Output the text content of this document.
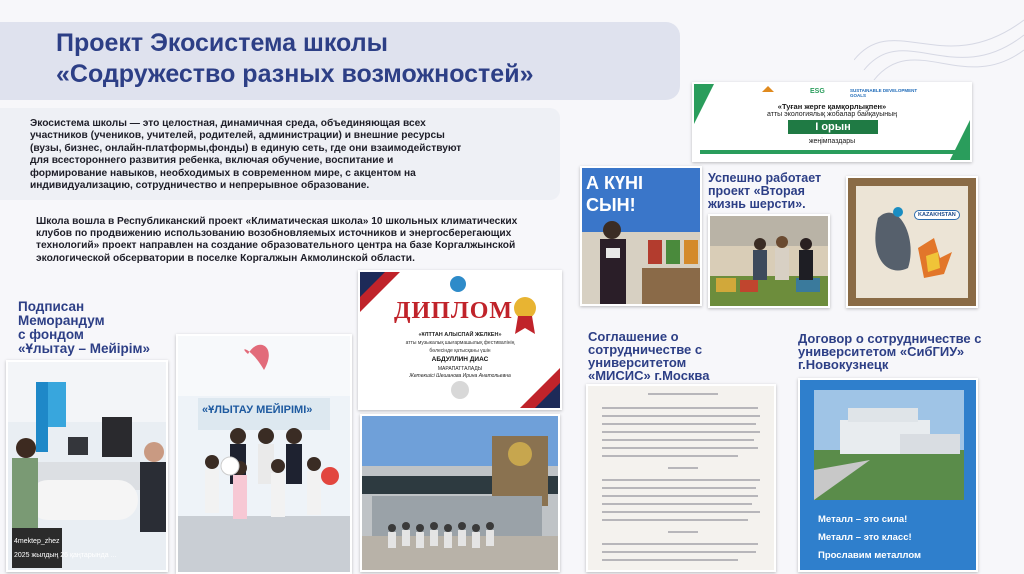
Проект Экосистема школы
«Содружество разных возможностей»
Экосистема школы — это целостная, динамичная среда, объединяющая всех
участников (учеников, учителей, родителей, администрации) и внешние ресурсы
(вузы, бизнес, онлайн-платформы,фонды) в единую сеть, где они взаимодействуют
для всестороннего развития ребенка, включая обучение, воспитание и
формирование навыков, необходимых в современном мире, с акцентом на
индивидуализацию, сотрудничество и непрерывное образование.
Школа вошла в Республиканский проект «Климатическая школа» 10 школьных климатических
клубов по продвижению использованию возобновляемых источников и энергосберегающих
технологий» проект направлен на создание образовательного центра на базе Коргалжынской
экологической обсерватории в поселке Коргалжын Акмолинской области.
Подписан
Меморандум
с фондом
«Ұлытау – Мейірім»
4mektep_zhez
2025 жылдың 26 қаңтарында ...
«ҰЛЫТАУ МЕЙІРІМІ»
ДИПЛОМ
«ҰЛТТАН АЛЫСПАЙ ЖЕЛКЕН»
атты музыкалық шығармашылық фестивалінің
бөлесінде қатысқаны үшін
АБДУЛЛИН ДИАС
МАРАПАТТАЛАДЫ
Жетекшісі Шешанова Ирина Анатольевна
ESG	SUSTAINABLE DEVELOPMENT GOALS
«Туған жерге қамқорлықпен»
атты экологиялық жобалар байқауының
I орын
жеңімпаздары
А КҮНІ СЫН!
Успешно работает
проект «Вторая
жизнь шерсти».
KAZAKHSTAN
Соглашение о
сотрудничестве с
университетом
«МИСИС» г.Москва
Договор о сотрудничестве с
университетом «СибГИУ»
г.Новокузнецк
Металл – это сила!
Металл – это класс!
Прославим металлом
